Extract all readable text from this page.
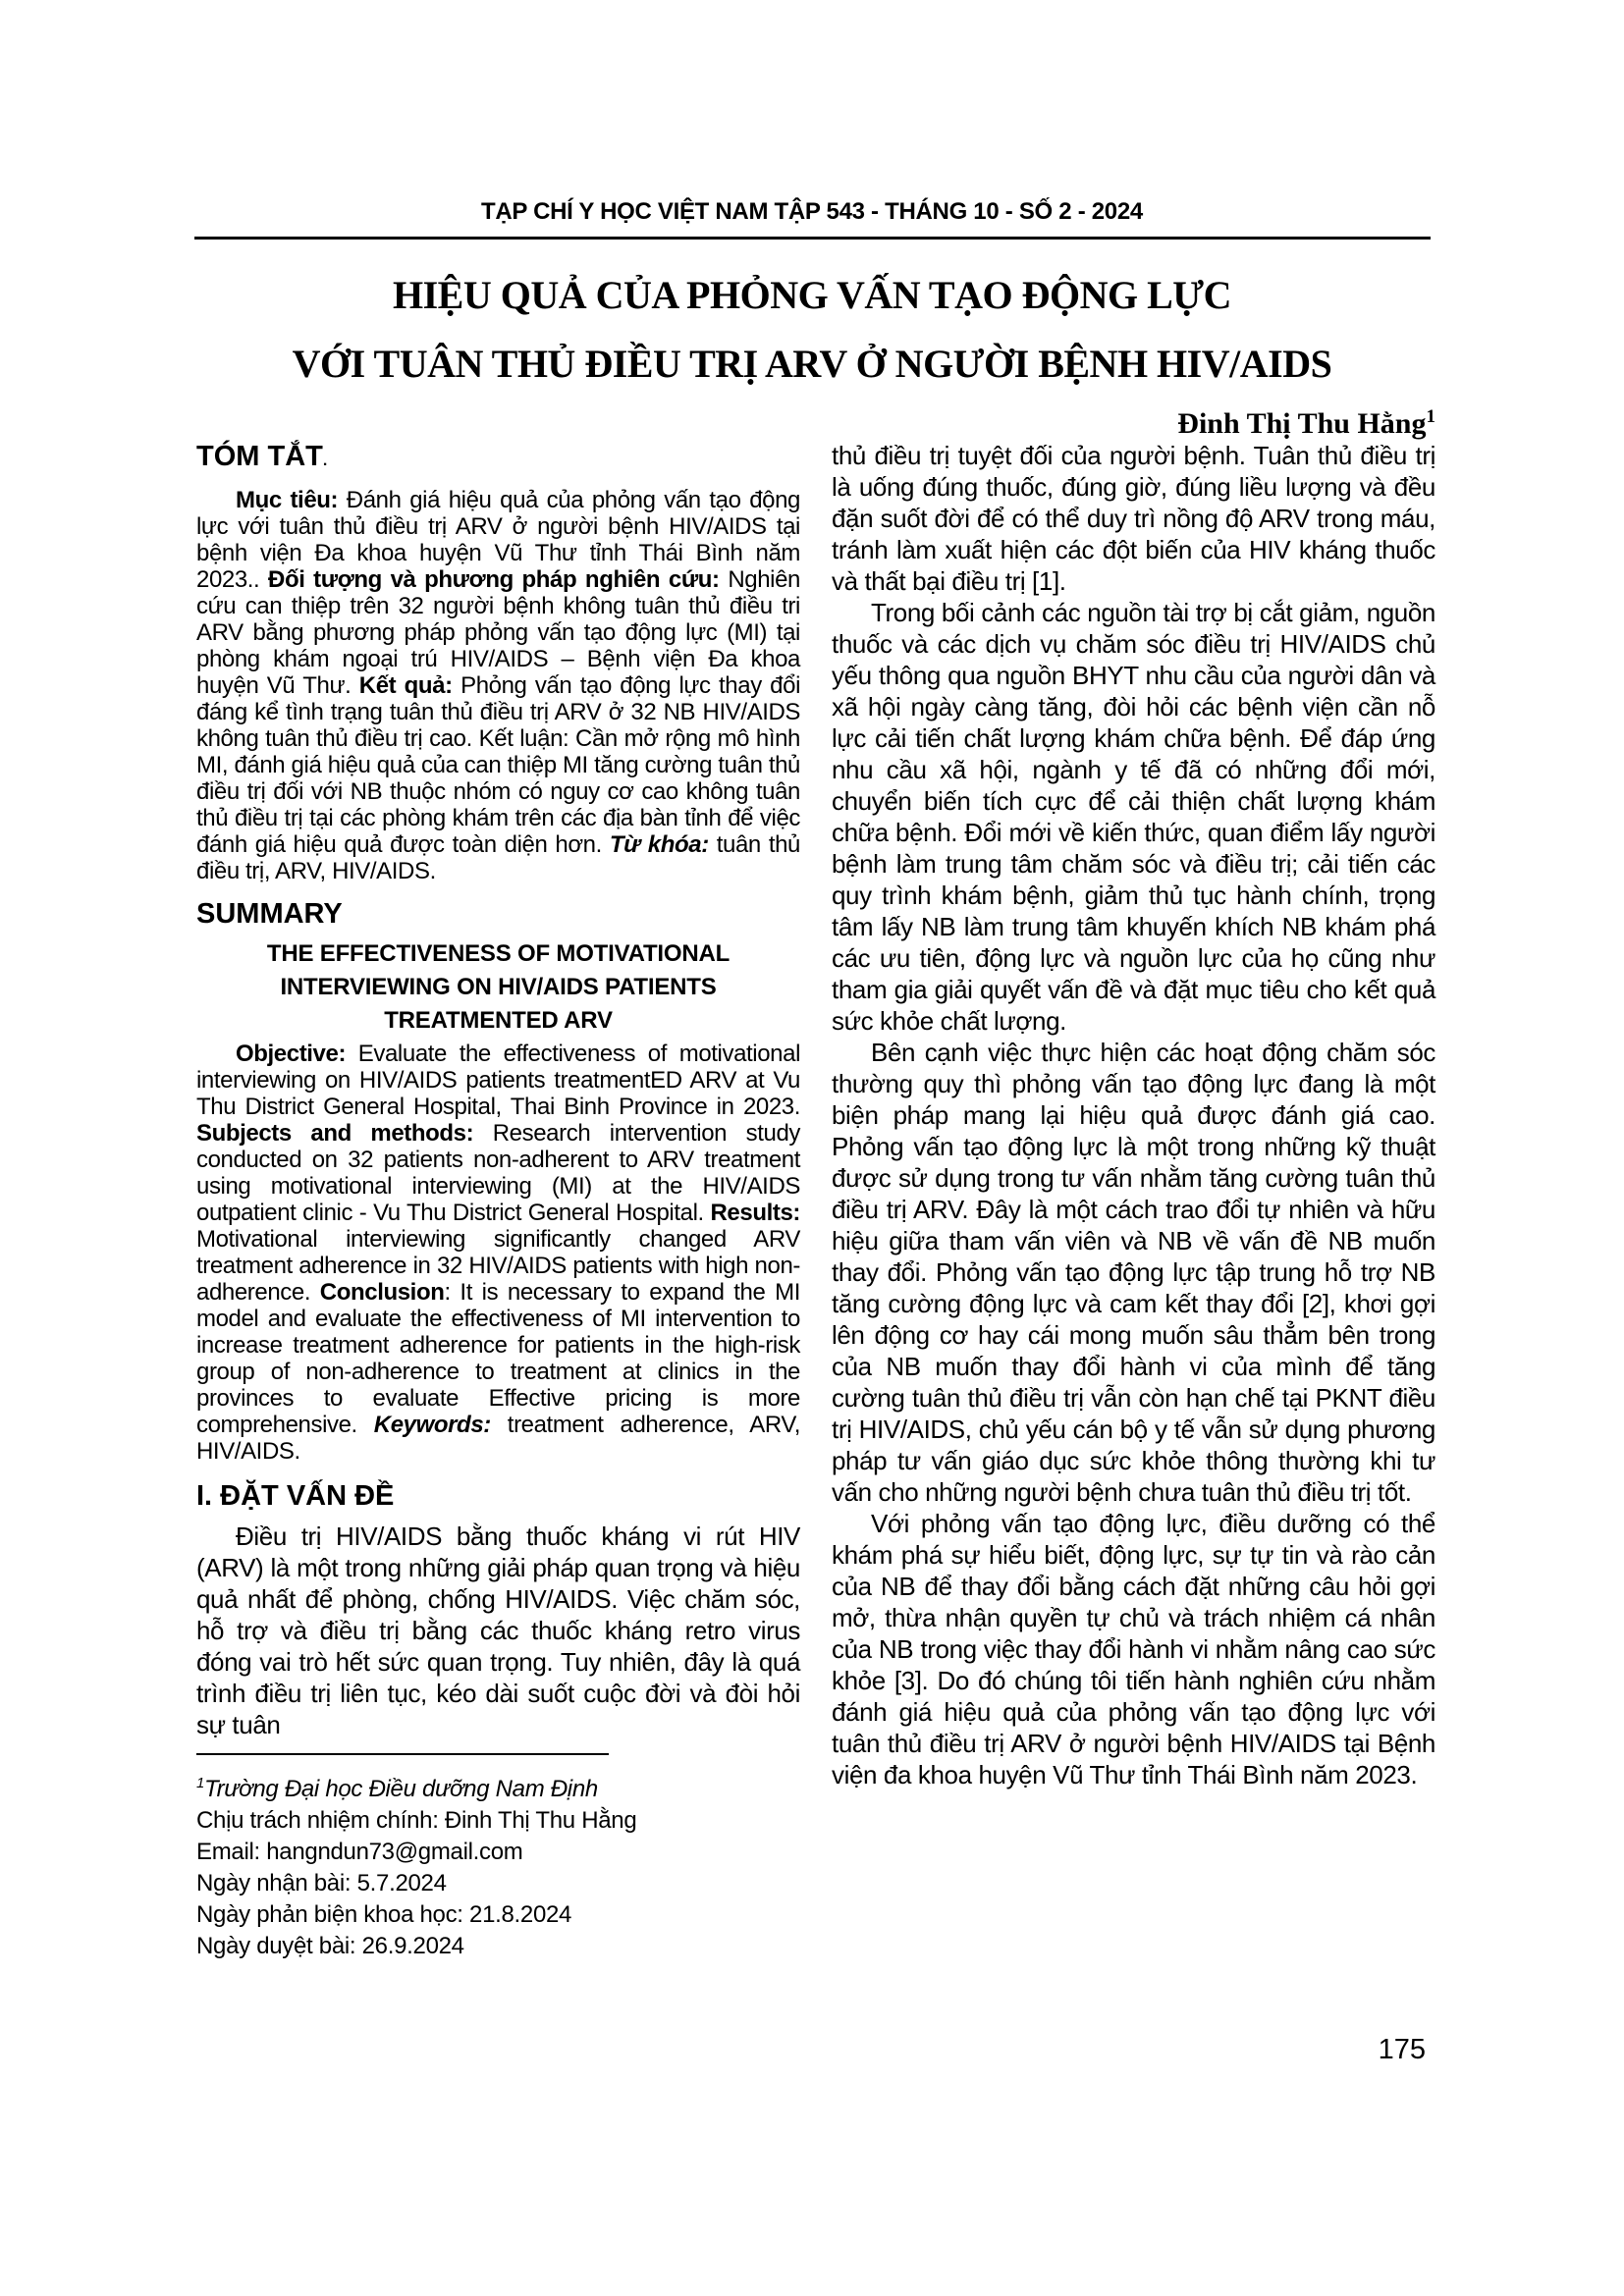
TẠP CHÍ Y HỌC VIỆT NAM TẬP 543 - THÁNG 10 - SỐ 2 - 2024
HIỆU QUẢ CỦA PHỎNG VẤN TẠO ĐỘNG LỰC
VỚI TUÂN THỦ ĐIỀU TRỊ ARV Ở NGƯỜI BỆNH HIV/AIDS
Đinh Thị Thu Hằng$^1$
TÓM TẮT.

Mục tiêu: Đánh giá hiệu quả của phỏng vấn tạo động lực với tuân thủ điều trị ARV ở người bệnh HIV/AIDS tại bệnh viện Đa khoa huyện Vũ Thư tỉnh Thái Bình năm 2023.. Đối tượng và phương pháp nghiên cứu: Nghiên cứu can thiệp trên 32 người bệnh không tuân thủ điều tri ARV bằng phương pháp phỏng vấn tạo động lực (MI) tại phòng khám ngoại trú HIV/AIDS – Bệnh viện Đa khoa huyện Vũ Thư. Kết quả: Phỏng vấn tạo động lực thay đổi đáng kể tình trạng tuân thủ điều trị ARV ở 32 NB HIV/AIDS không tuân thủ điều trị cao. Kết luận: Cần mở rộng mô hình MI, đánh giá hiệu quả của can thiệp MI tăng cường tuân thủ điều trị đối với NB thuộc nhóm có nguy cơ cao không tuân thủ điều trị tại các phòng khám trên các địa bàn tỉnh để việc đánh giá hiệu quả được toàn diện hơn. Từ khóa: tuân thủ điều trị, ARV, HIV/AIDS.

SUMMARY
THE EFFECTIVENESS OF MOTIVATIONAL INTERVIEWING ON HIV/AIDS PATIENTS TREATMENTED ARV

Objective: Evaluate the effectiveness of motivational interviewing on HIV/AIDS patients treatmentED ARV at Vu Thu District General Hospital, Thai Binh Province in 2023. Subjects and methods: Research intervention study conducted on 32 patients non-adherent to ARV treatment using motivational interviewing (MI) at the HIV/AIDS outpatient clinic - Vu Thu District General Hospital. Results: Motivational interviewing significantly changed ARV treatment adherence in 32 HIV/AIDS patients with high non-adherence. Conclusion: It is necessary to expand the MI model and evaluate the effectiveness of MI intervention to increase treatment adherence for patients in the high-risk group of non-adherence to treatment at clinics in the provinces to evaluate Effective pricing is more comprehensive. Keywords: treatment adherence, ARV, HIV/AIDS.

I. ĐẶT VẤN ĐỀ

Điều trị HIV/AIDS bằng thuốc kháng vi rút HIV (ARV) là một trong những giải pháp quan trọng và hiệu quả nhất để phòng, chống HIV/AIDS. Việc chăm sóc, hỗ trợ và điều trị bằng các thuốc kháng retro virus đóng vai trò hết sức quan trọng. Tuy nhiên, đây là quá trình điều trị liên tục, kéo dài suốt cuộc đời và đòi hỏi sự tuân

$^1$Trường Đại học Điều dưỡng Nam Định
Chịu trách nhiệm chính: Đinh Thị Thu Hằng
Email: hangndun73@gmail.com
Ngày nhận bài: 5.7.2024
Ngày phản biện khoa học: 21.8.2024
Ngày duyệt bài: 26.9.2024

thủ điều trị tuyệt đối của người bệnh. Tuân thủ điều trị là uống đúng thuốc, đúng giờ, đúng liều lượng và đều đặn suốt đời để có thể duy trì nồng độ ARV trong máu, tránh làm xuất hiện các đột biến của HIV kháng thuốc và thất bại điều trị [1].

Trong bối cảnh các nguồn tài trợ bị cắt giảm, nguồn thuốc và các dịch vụ chăm sóc điều trị HIV/AIDS chủ yếu thông qua nguồn BHYT nhu cầu của người dân và xã hội ngày càng tăng, đòi hỏi các bệnh viện cần nỗ lực cải tiến chất lượng khám chữa bệnh. Để đáp ứng nhu cầu xã hội, ngành y tế đã có những đổi mới, chuyển biến tích cực để cải thiện chất lượng khám chữa bệnh. Đổi mới về kiến thức, quan điểm lấy người bệnh làm trung tâm chăm sóc và điều trị; cải tiến các quy trình khám bệnh, giảm thủ tục hành chính, trọng tâm lấy NB làm trung tâm khuyến khích NB khám phá các ưu tiên, động lực và nguồn lực của họ cũng như tham gia giải quyết vấn đề và đặt mục tiêu cho kết quả sức khỏe chất lượng.

Bên cạnh việc thực hiện các hoạt động chăm sóc thường quy thì phỏng vấn tạo động lực đang là một biện pháp mang lại hiệu quả được đánh giá cao. Phỏng vấn tạo động lực là một trong những kỹ thuật được sử dụng trong tư vấn nhằm tăng cường tuân thủ điều trị ARV. Đây là một cách trao đổi tự nhiên và hữu hiệu giữa tham vấn viên và NB về vấn đề NB muốn thay đổi. Phỏng vấn tạo động lực tập trung hỗ trợ NB tăng cường động lực và cam kết thay đổi [2], khơi gợi lên động cơ hay cái mong muốn sâu thẳm bên trong của NB muốn thay đổi hành vi của mình để tăng cường tuân thủ điều trị vẫn còn hạn chế tại PKNT điều trị HIV/AIDS, chủ yếu cán bộ y tế vẫn sử dụng phương pháp tư vấn giáo dục sức khỏe thông thường khi tư vấn cho những người bệnh chưa tuân thủ điều trị tốt.

Với phỏng vấn tạo động lực, điều dưỡng có thể khám phá sự hiểu biết, động lực, sự tự tin và rào cản của NB để thay đổi bằng cách đặt những câu hỏi gợi mở, thừa nhận quyền tự chủ và trách nhiệm cá nhân của NB trong việc thay đổi hành vi nhằm nâng cao sức khỏe [3]. Do đó chúng tôi tiến hành nghiên cứu nhằm đánh giá hiệu quả của phỏng vấn tạo động lực với tuân thủ điều trị ARV ở người bệnh HIV/AIDS tại Bệnh viện đa khoa huyện Vũ Thư tỉnh Thái Bình năm 2023.

175
